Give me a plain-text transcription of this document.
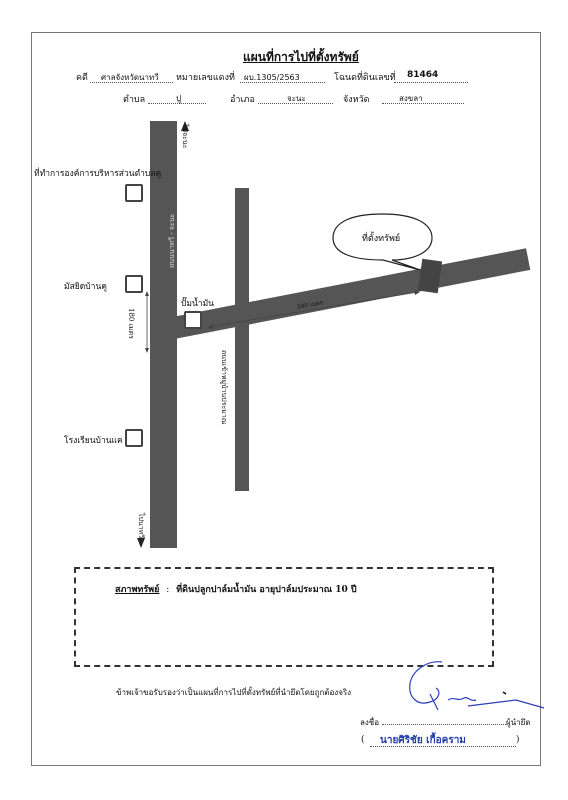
แผนที่การไปที่ตั้งทรัพย์
คดี ศาลจังหวัดนาทวี หมายเลขแดงที่ ผบ.1305/2563	โฉนดที่ดินเลขที่ 81464
ตำบล	ปู	อำเภอ	จะนะ	จังหวัด	สงขลา
ไปจะนะ
ไปนาทวี
ถนนนาทวี - จะนะ
ถนนเข้าหมู่บ้านประมาณ
180 เมตร
500 เมตร
ที่ทำการองค์การบริหารส่วนตำบลคู
มัสยิดบ้านคู
ปั๊มน้ำมัน
โรงเรียนบ้านแค
ที่ตั้งทรัพย์
สภาพทรัพย์ : ที่ดินปลูกปาล์มน้ำมัน อายุปาล์มประมาณ 10 ปี
ข้าพเจ้าขอรับรองว่าเป็นแผนที่การไปที่ตั้งทรัพย์ที่นำยึดโดยถูกต้องจริง
ลงชื่อ	ผู้นำยึด
( นายศิริชัย เกื้อคราม	)
